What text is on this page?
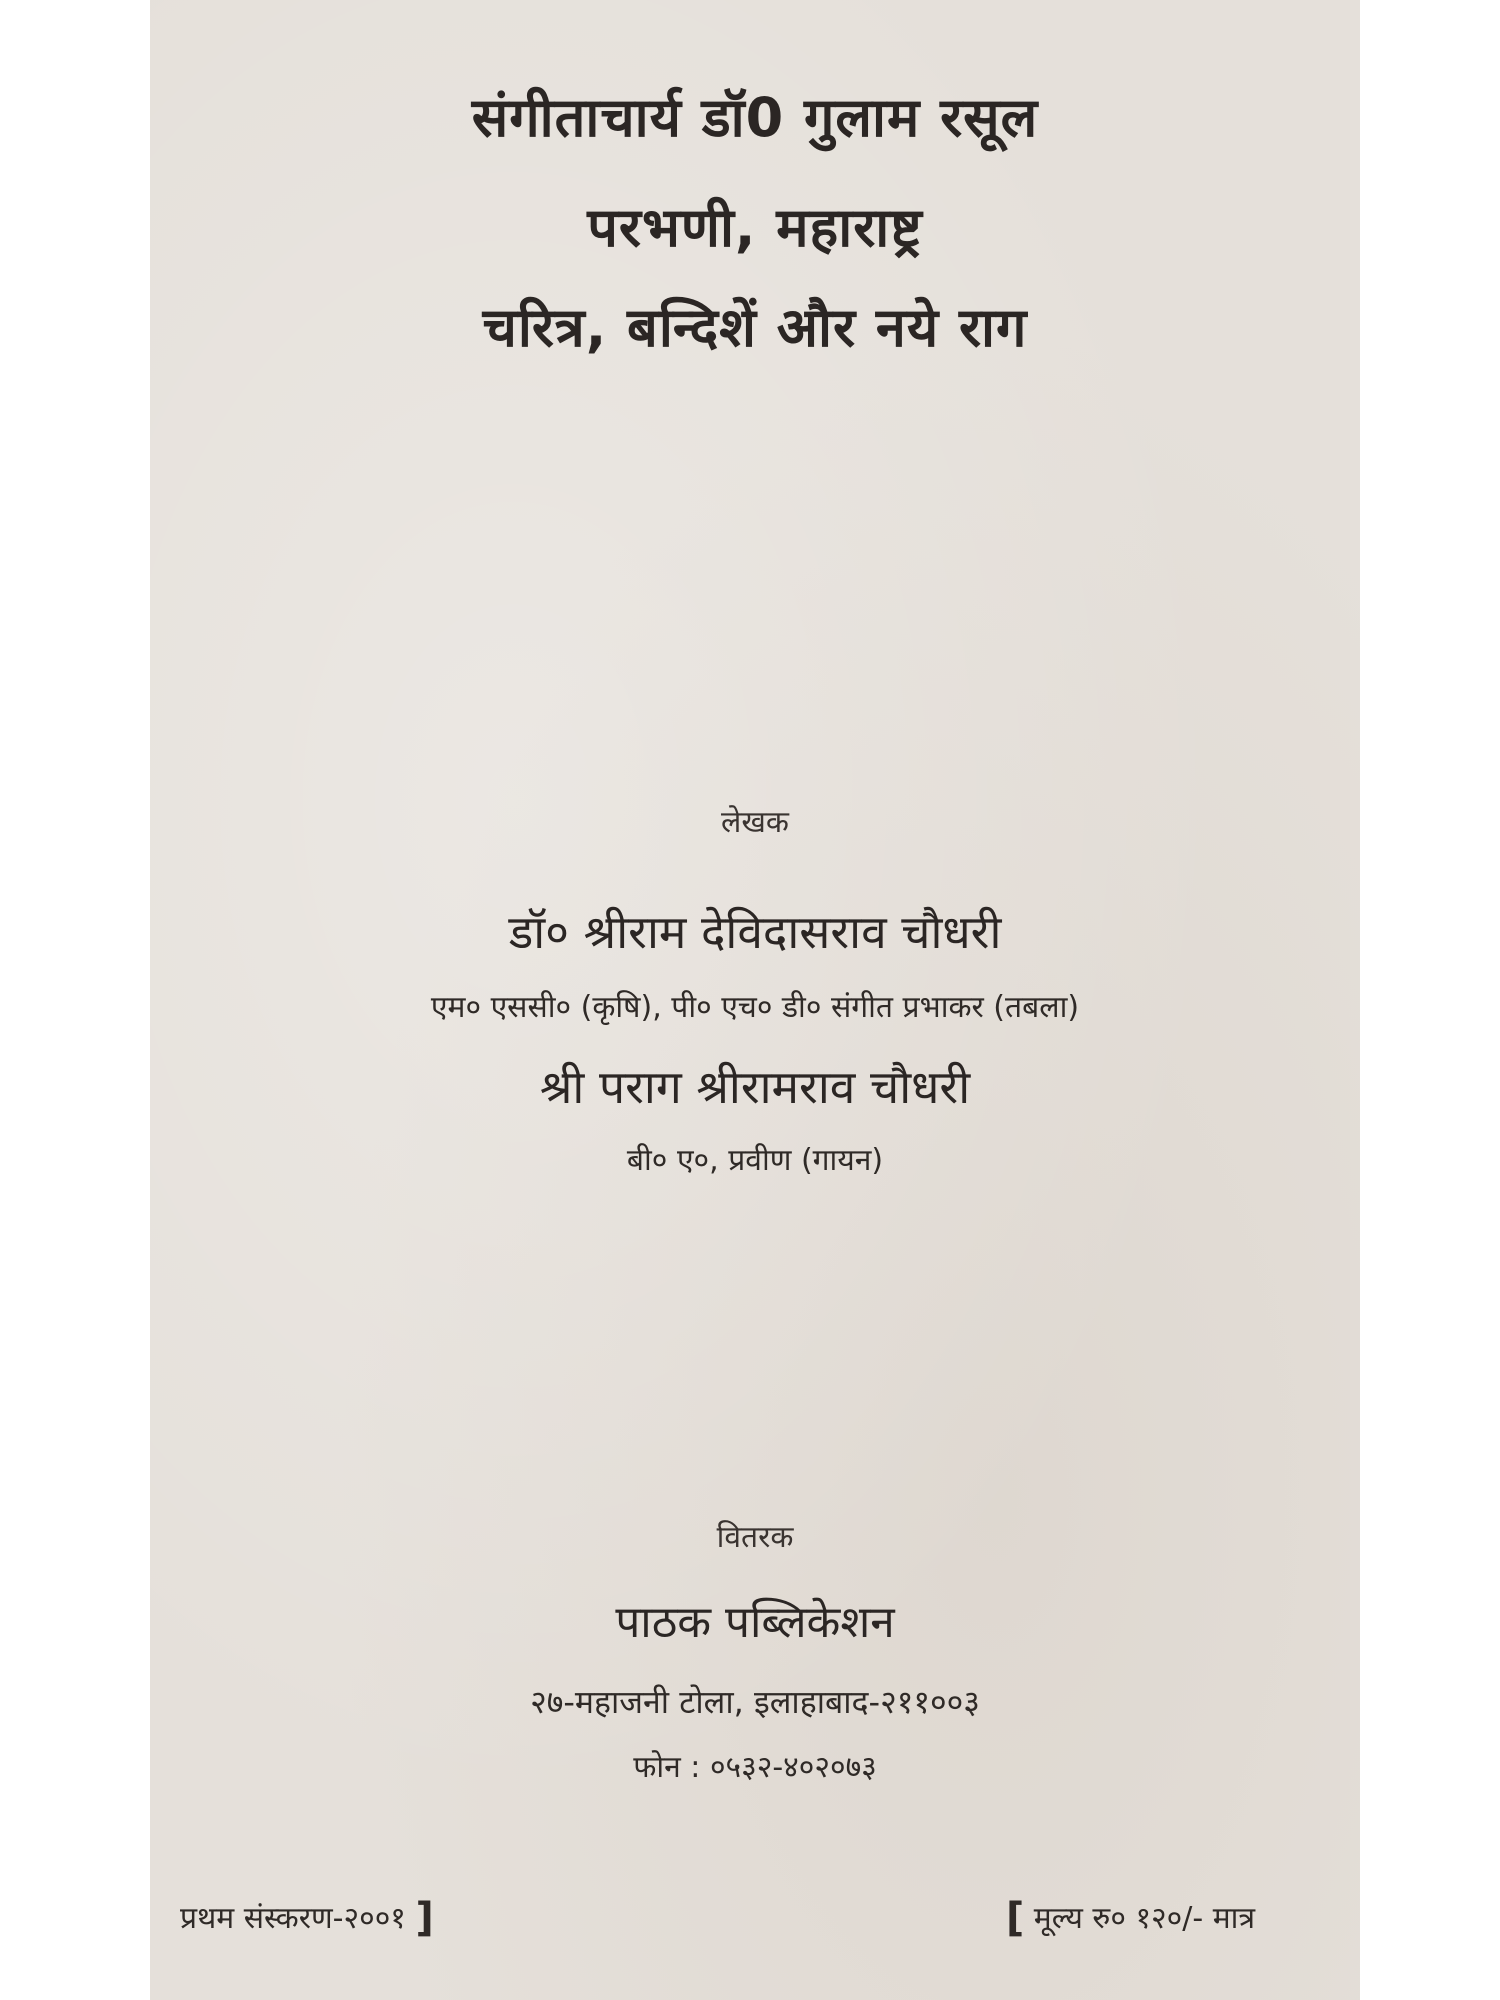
संगीताचार्य डॉ0 गुलाम रसूल
परभणी, महाराष्ट्र
चरित्र, बन्दिशें और नये राग
लेखक
डॉ० श्रीराम देविदासराव चौधरी
एम० एससी० (कृषि), पी० एच० डी० संगीत प्रभाकर (तबला)
श्री पराग श्रीरामराव चौधरी
बी० ए०, प्रवीण (गायन)
वितरक
पाठक पब्लिकेशन
२७-महाजनी टोला, इलाहाबाद-२११००३
फोन : ०५३२-४०२०७३
प्रथम संस्करण-२००१ ]	[ मूल्य रु० १२०/- मात्र
